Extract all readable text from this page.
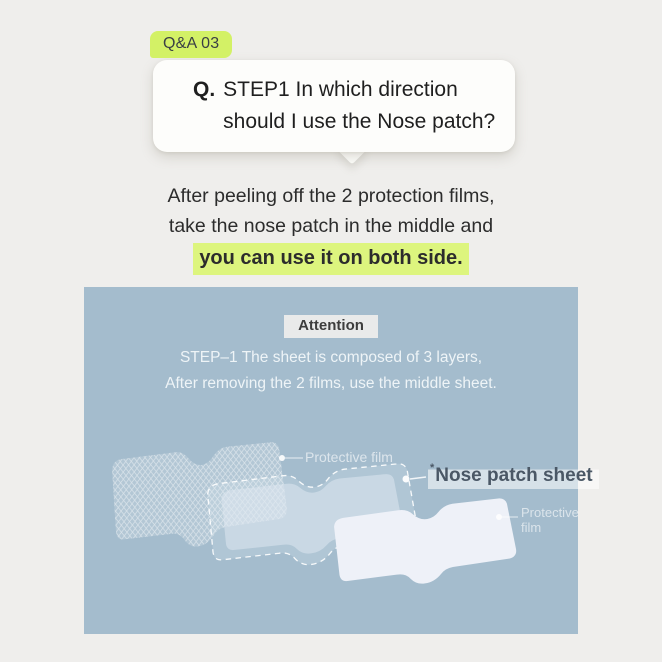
Q&A 03
Q. STEP1 In which direction
should I use the Nose patch?
After peeling off the 2 protection films,
take the nose patch in the middle and
you can use it on both side.
Attention
STEP–1 The sheet is composed of 3 layers,
After removing the 2 films, use the middle sheet.
Protective film
*Nose patch sheet
Protective
film
